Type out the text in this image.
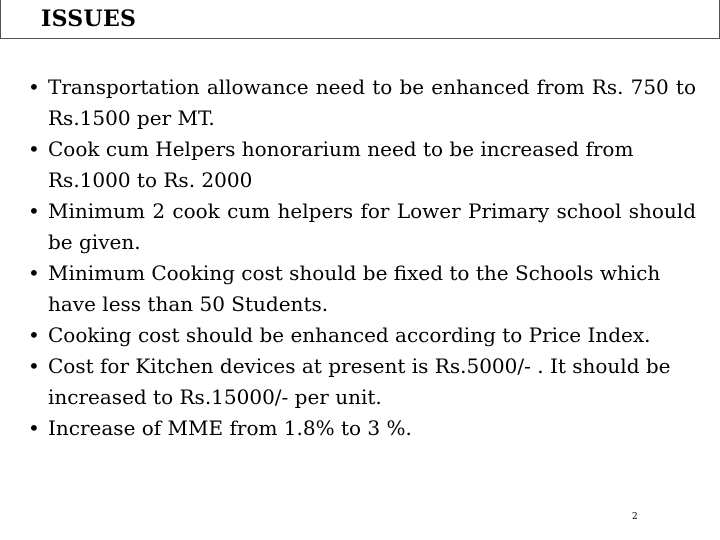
ISSUES
• Transportation allowance need to be enhanced from Rs. 750 to Rs.1500 per MT.
• Cook cum Helpers honorarium need to be increased from Rs.1000 to Rs. 2000
• Minimum 2 cook cum helpers for Lower Primary school should be given.
• Minimum Cooking cost should be fixed to the Schools which have less than 50 Students.
• Cooking cost should be enhanced according to Price Index.
• Cost for Kitchen devices at present is Rs.5000/- . It should be increased to Rs.15000/- per unit.
• Increase of MME from 1.8% to 3 %.
2
